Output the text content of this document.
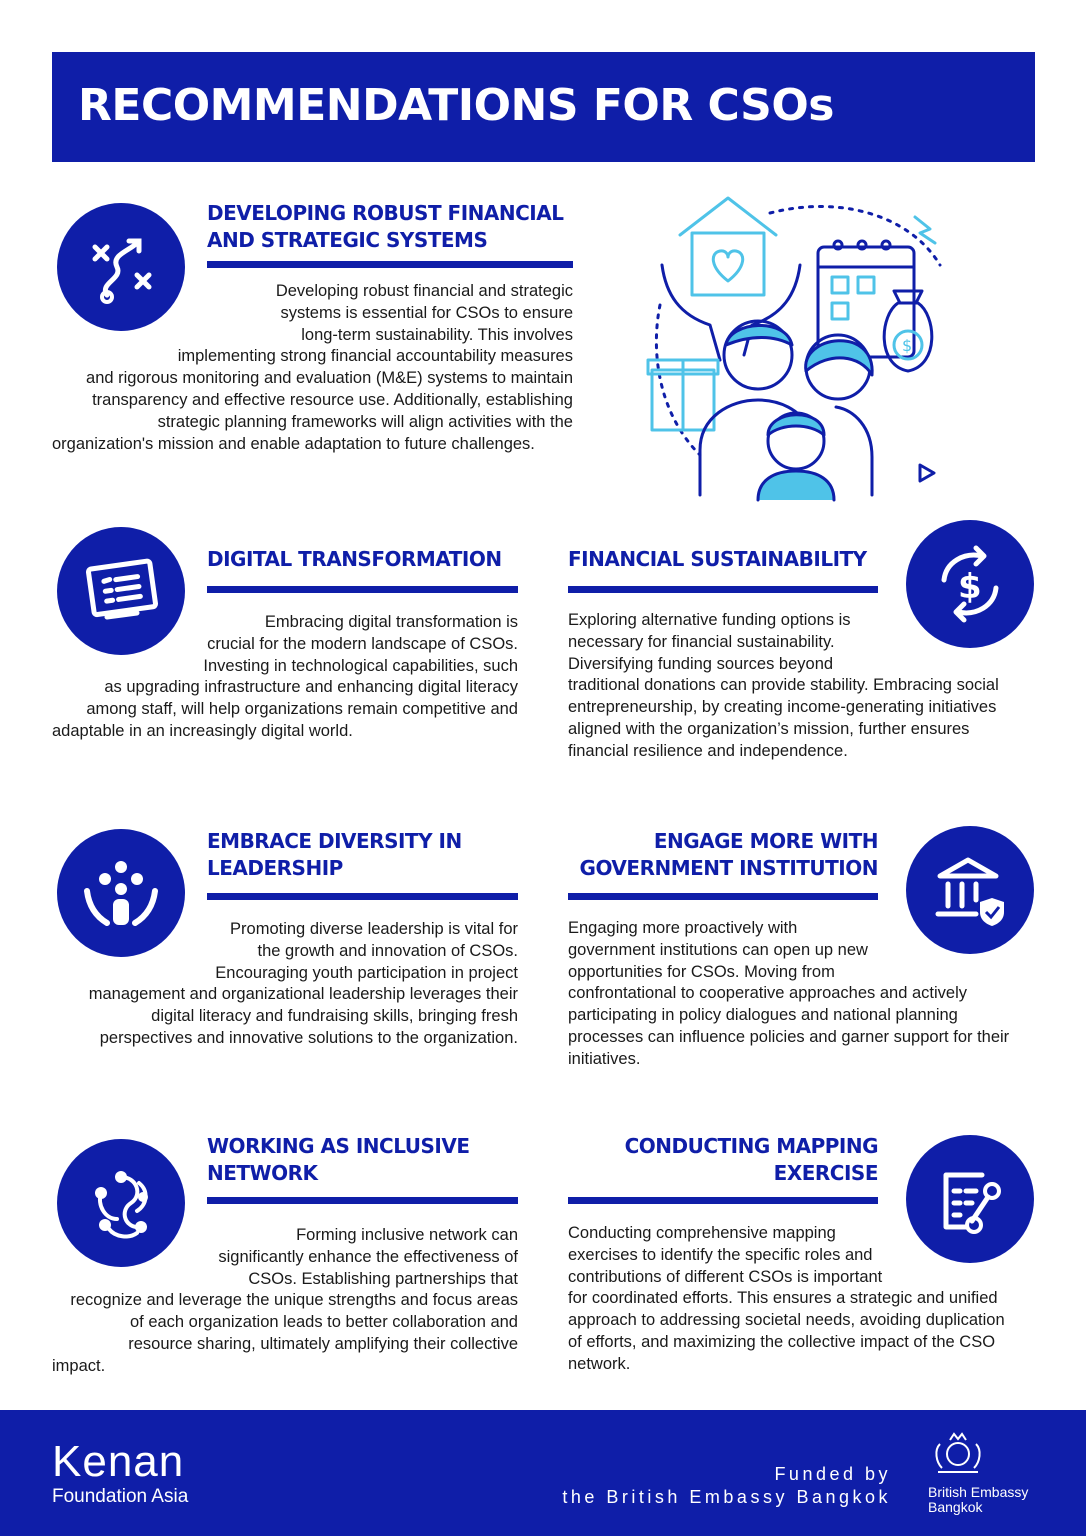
RECOMMENDATIONS FOR CSOs
DEVELOPING ROBUST FINANCIAL
AND STRATEGIC SYSTEMS
Developing robust financial and strategic
systems is essential for CSOs to ensure
long-term sustainability. This involves
implementing strong financial accountability measures
and rigorous monitoring and evaluation (M&E) systems to maintain
transparency and effective resource use. Additionally, establishing
strategic planning frameworks will align activities with the
organization's mission and enable adaptation to future challenges.
$
DIGITAL TRANSFORMATION
Embracing digital transformation is
crucial for the modern landscape of CSOs.
Investing in technological capabilities, such
as upgrading infrastructure and enhancing digital literacy
among staff, will help organizations remain competitive and
adaptable in an increasingly digital world.
$
FINANCIAL SUSTAINABILITY
Exploring alternative funding options is
necessary for financial sustainability.
Diversifying funding sources beyond
traditional donations can provide stability. Embracing social
entrepreneurship, by creating income-generating initiatives
aligned with the organization’s mission, further ensures
financial resilience and independence.
EMBRACE DIVERSITY IN
LEADERSHIP
Promoting diverse leadership is vital for
the growth and innovation of CSOs.
Encouraging youth participation in project
management and organizational leadership leverages their
digital literacy and fundraising skills, bringing fresh
perspectives and innovative solutions to the organization.
ENGAGE MORE WITH
GOVERNMENT INSTITUTION
Engaging more proactively with
government institutions can open up new
opportunities for CSOs. Moving from
confrontational to cooperative approaches and actively
participating in policy dialogues and national planning
processes can influence policies and garner support for their
initiatives.
WORKING AS INCLUSIVE
NETWORK
Forming inclusive network can
significantly enhance the effectiveness of
CSOs. Establishing partnerships that
recognize and leverage the unique strengths and focus areas
of each organization leads to better collaboration and
resource sharing, ultimately amplifying their collective
impact.
CONDUCTING MAPPING
EXERCISE
Conducting comprehensive mapping
exercises to identify the specific roles and
contributions of different CSOs is important
for coordinated efforts. This ensures a strategic and unified
approach to addressing societal needs, avoiding duplication
of efforts, and maximizing the collective impact of the CSO
network.
Kenan
Foundation Asia
Funded by
the British Embassy Bangkok	British Embassy
Bangkok
